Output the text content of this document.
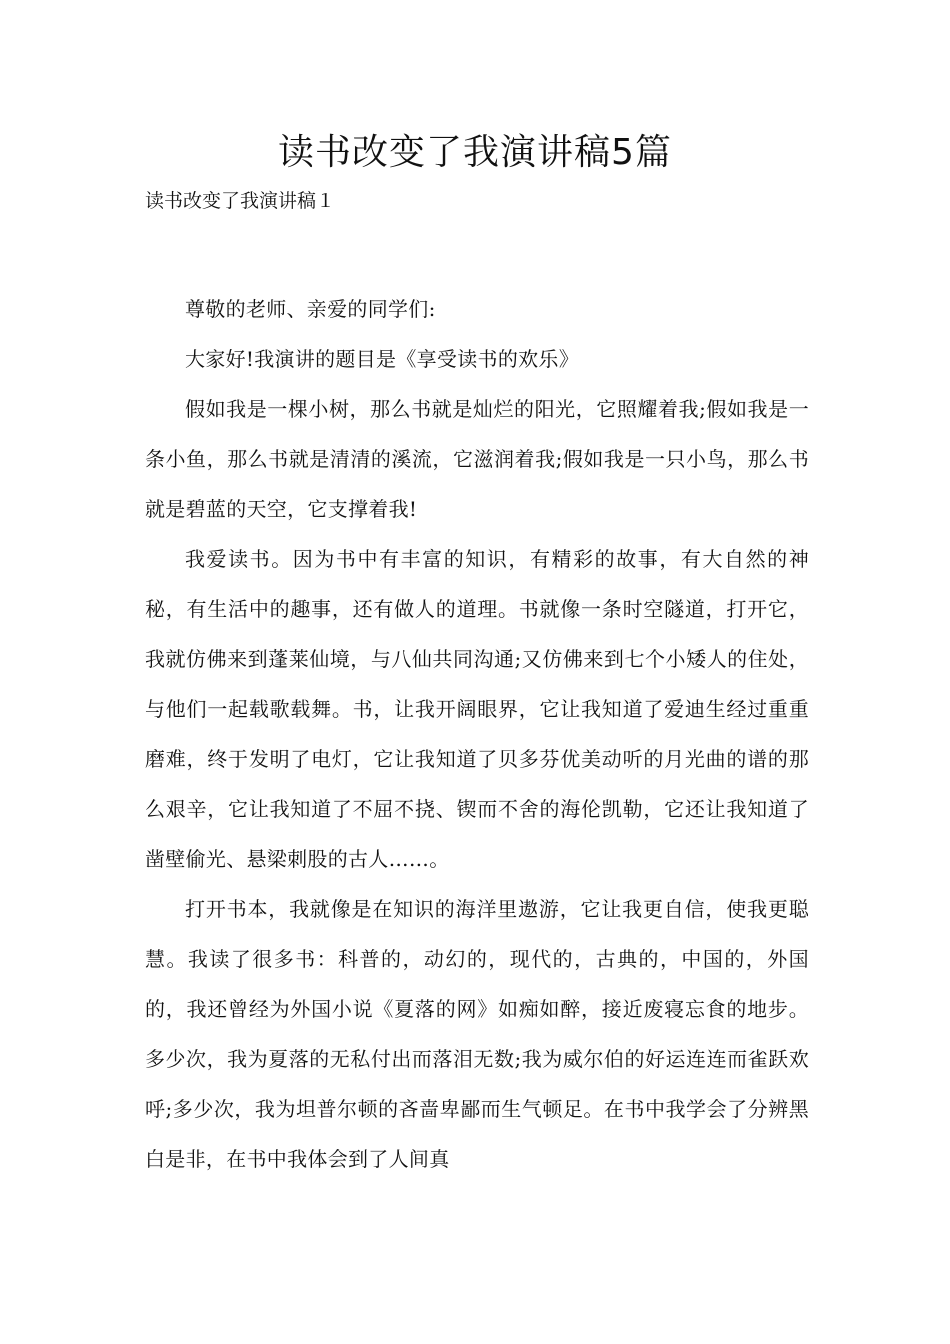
读书改变了我演讲稿5篇

读书改变了我演讲稿１

尊敬的老师、亲爱的同学们:

大家好!我演讲的题目是《享受读书的欢乐》

假如我是一棵小树，那么书就是灿烂的阳光，它照耀着我;假如我是一条小鱼，那么书就是清清的溪流，它滋润着我;假如我是一只小鸟，那么书就是碧蓝的天空，它支撑着我!

我爱读书。因为书中有丰富的知识，有精彩的故事，有大自然的神秘，有生活中的趣事，还有做人的道理。书就像一条时空隧道，打开它，我就仿佛来到蓬莱仙境，与八仙共同沟通;又仿佛来到七个小矮人的住处，与他们一起载歌载舞。书，让我开阔眼界，它让我知道了爱迪生经过重重磨难，终于发明了电灯，它让我知道了贝多芬优美动听的月光曲的谱的那么艰辛，它让我知道了不屈不挠、锲而不舍的海伦凯勒，它还让我知道了凿壁偷光、悬梁刺股的古人……。

打开书本，我就像是在知识的海洋里遨游，它让我更自信，使我更聪慧。我读了很多书：科普的，动幻的，现代的，古典的，中国的，外国的，我还曾经为外国小说《夏落的网》如痴如醉，接近废寝忘食的地步。多少次，我为夏落的无私付出而落泪无数;我为威尔伯的好运连连而雀跃欢呼;多少次，我为坦普尔顿的吝啬卑鄙而生气顿足。在书中我学会了分辨黑白是非，在书中我体会到了人间真
